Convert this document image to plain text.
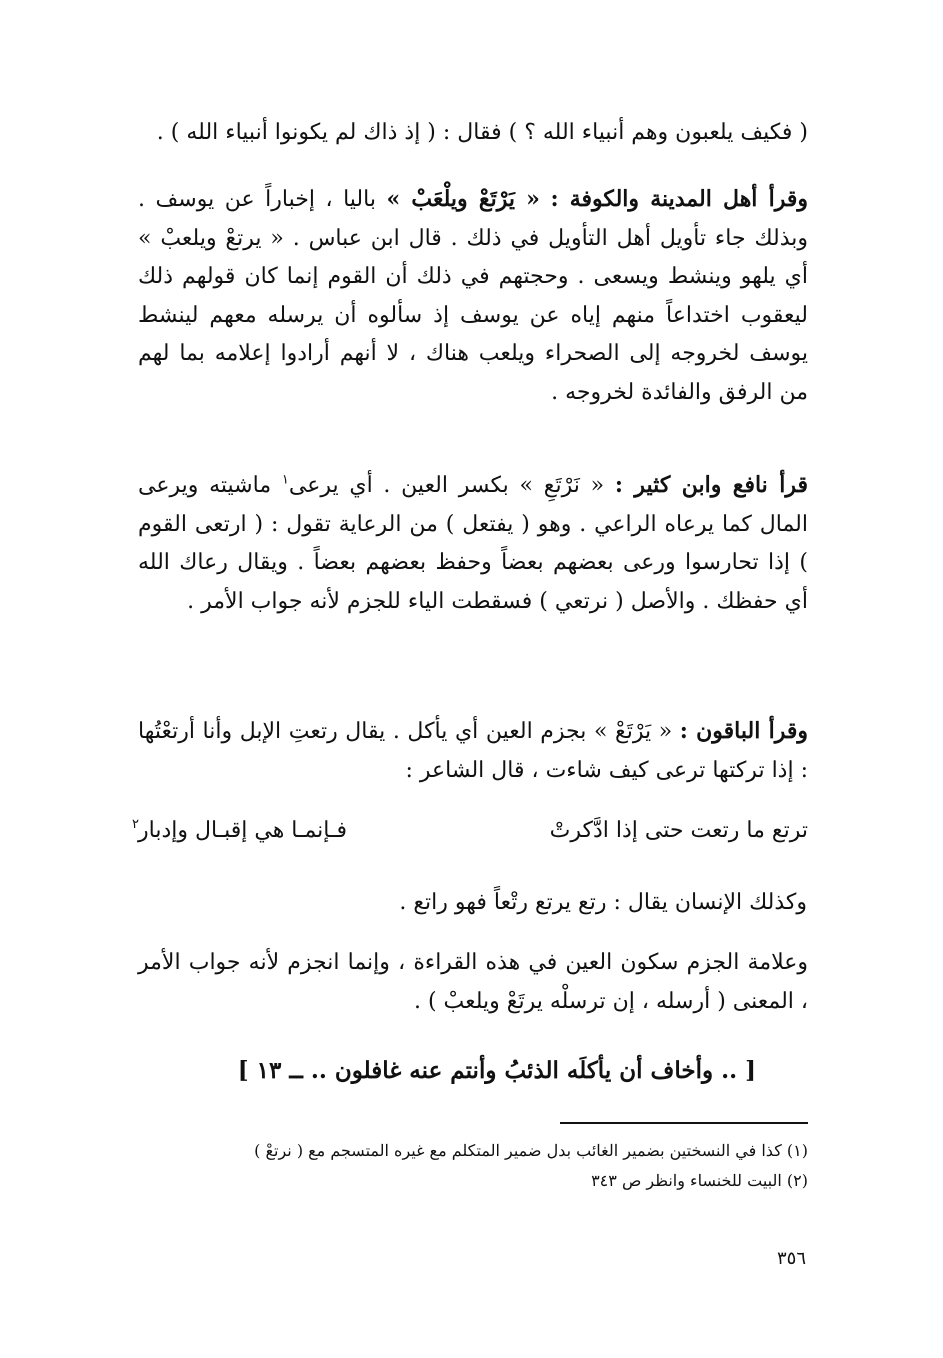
( فكيف يلعبون وهم أنبياء الله ؟ ) فقال : ( إذ ذاك لم يكونوا أنبياء الله ) .

وقرأ أهل المدينة والكوفة : « يَرْتَعْ ويلْعَبْ » باليا ، إخباراً عن يوسف . وبذلك جاء تأويل أهل التأويل في ذلك . قال ابن عباس . « يرتعْ ويلعبْ » أي يلهو وينشط ويسعى . وحجتهم في ذلك أن القوم إنما كان قولهم ذلك ليعقوب اختداعاً منهم إياه عن يوسف إذ سألوه أن يرسله معهم لينشط يوسف لخروجه إلى الصحراء ويلعب هناك ، لا أنهم أرادوا إعلامه بما لهم من الرفق والفائدة لخروجه .

قرأ نافع وابن كثير : « نَرْتَعِ » بكسر العين . أي يرعى$^١$ ماشيته ويرعى المال كما يرعاه الراعي . وهو ( يفتعل ) من الرعاية تقول : ( ارتعى القوم ) إذا تحارسوا ورعى بعضهم بعضاً وحفظ بعضهم بعضاً . ويقال رعاك الله أي حفظك . والأصل ( نرتعي ) فسقطت الياء للجزم لأنه جواب الأمر .

وقرأ الباقون : « يَرْتَعْ » بجزم العين أي يأكل . يقال رتعتِ الإبل وأنا أرتعْتُها : إذا تركتها ترعى كيف شاءت ، قال الشاعر :

ترتع ما رتعت حتى إذا ادَّكرتْ
فـإنمـا هي إقبـال وإدبار
٢
وكذلك الإنسان يقال : رتع يرتع رتْعاً فهو راتع .

وعلامة الجزم سكون العين في هذه القراءة ، وإنما انجزم لأنه جواب الأمر ، المعنى ( أرسله ، إن ترسلْه يرتَعْ ويلعبْ ) .

[ .. وأخاف أن يأكلَه الذئبُ وأنتم عنه غافلون .. ــ ١٣ ]
(١) كذا في النسختين بضمير الغائب بدل ضمير المتكلم مع غيره المتسجم مع ( نرتعْ )
(٢) البيت للخنساء وانظر ص ٣٤٣
٣٥٦
